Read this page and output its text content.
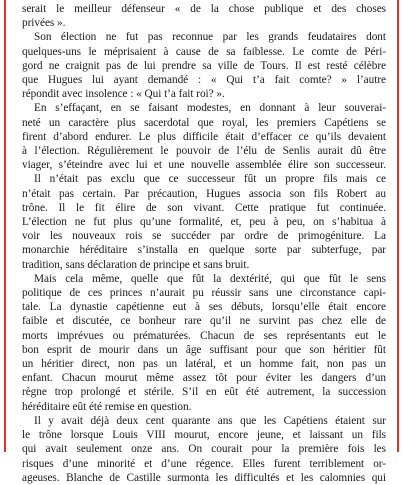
serait le meilleur défenseur « de la chose publique et des choses
privées ».
Son élection ne fut pas reconnue par les grands feudataires dont
quelques-uns le méprisaient à cause de sa faiblesse. Le comte de Péri-
gord ne craignit pas de lui prendre sa ville de Tours. Il est resté célèbre
que Hugues lui ayant demandé : « Qui t’a fait comte? » l’autre
répondit avec insolence : « Qui t’a fait roi? ».
En s’effaçant, en se faisant modestes, en donnant à leur souverai-
neté un caractère plus sacerdotal que royal, les premiers Capétiens se
firent d’abord endurer. Le plus difficile était d’effacer ce qu’ils devaient
à l’élection. Régulièrement le pouvoir de l’élu de Senlis aurait dû être
viager, s’éteindre avec lui et une nouvelle assemblée élire son successeur.
Il n’était pas exclu que ce successeur fût un propre fils mais ce
n’était pas certain. Par précaution, Hugues associa son fils Robert au
trône. Il le fit élire de son vivant. Cette pratique fut continuée.
L’élection ne fut plus qu’une formalité, et, peu à peu, on s’habitua à
voir les nouveaux rois se succéder par ordre de primogéniture. La
monarchie héréditaire s’installa en quelque sorte par subterfuge, par
tradition, sans déclaration de principe et sans bruit.
Mais cela même, quelle que fût la dextérité, qui que fût le sens
politique de ces princes n’aurait pu réussir sans une circonstance capi-
tale. La dynastie capétienne eut à ses débuts, lorsqu’elle était encore
faible et discutée, ce bonheur rare qu’il ne survint pas chez elle de
morts imprévues ou prématurées. Chacun de ses représentants eut le
bon esprit de mourir dans un âge suffisant pour que son héritier fût
un héritier direct, non pas un latéral, et un homme fait, non pas un
enfant. Chacun mourut même assez tôt pour éviter les dangers d’un
règne trop prolongé et stérile. S’il en eût été autrement, la succession
héréditaire eût été remise en question.
Il y avait déjà deux cent quarante ans que les Capétiens étaient sur
le trône lorsque Louis VIII mourut, encore jeune, et laissant un fils
qui avait seulement onze ans. On courait pour la première fois les
risques d’une minorité et d’une régence. Elles furent terriblement or-
ageuses. Blanche de Castille surmonta les difficultés et les calomnies qui
